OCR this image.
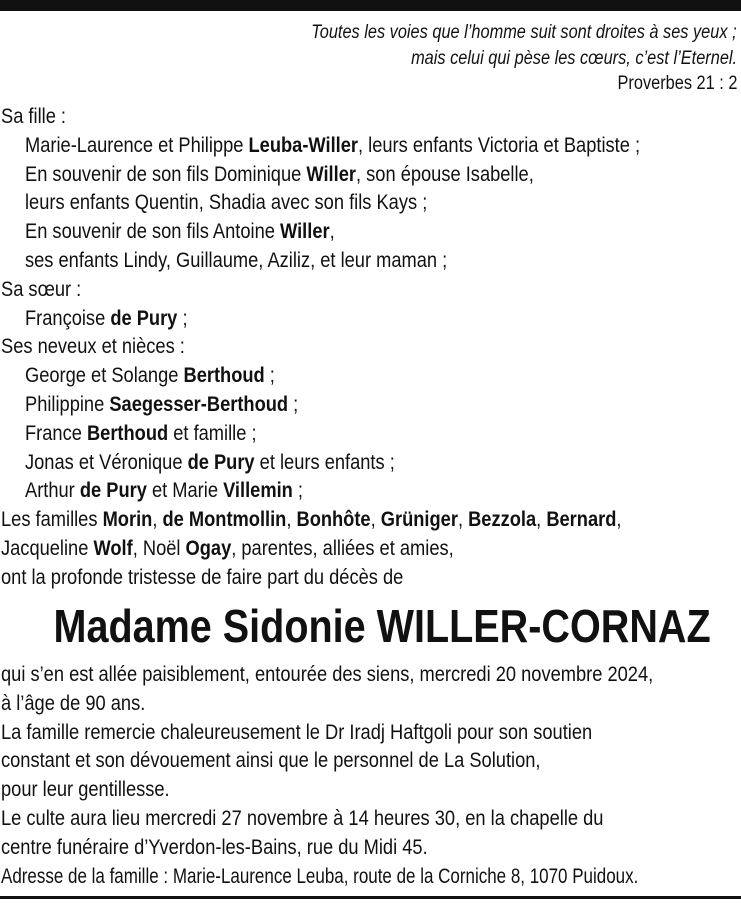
Toutes les voies que l’homme suit sont droites à ses yeux ;
mais celui qui pèse les cœurs, c’est l’Eternel.
Proverbes 21 : 2
Sa fille :
Marie-Laurence et Philippe Leuba-Willer, leurs enfants Victoria et Baptiste ;
En souvenir de son fils Dominique Willer, son épouse Isabelle,
leurs enfants Quentin, Shadia avec son fils Kays ;
En souvenir de son fils Antoine Willer,
ses enfants Lindy, Guillaume, Aziliz, et leur maman ;
Sa sœur :
Françoise de Pury ;
Ses neveux et nièces :
George et Solange Berthoud ;
Philippine Saegesser-Berthoud ;
France Berthoud et famille ;
Jonas et Véronique de Pury et leurs enfants ;
Arthur de Pury et Marie Villemin ;
Les familles Morin, de Montmollin, Bonhôte, Grüniger, Bezzola, Bernard,
Jacqueline Wolf, Noël Ogay, parentes, alliées et amies,
ont la profonde tristesse de faire part du décès de
Madame Sidonie WILLER-CORNAZ
qui s’en est allée paisiblement, entourée des siens, mercredi 20 novembre 2024,
à l’âge de 90 ans.
La famille remercie chaleureusement le Dr Iradj Haftgoli pour son soutien
constant et son dévouement ainsi que le personnel de La Solution,
pour leur gentillesse.
Le culte aura lieu mercredi 27 novembre à 14 heures 30, en la chapelle du
centre funéraire d’Yverdon-les-Bains, rue du Midi 45.
Adresse de la famille : Marie-Laurence Leuba, route de la Corniche 8, 1070 Puidoux.
